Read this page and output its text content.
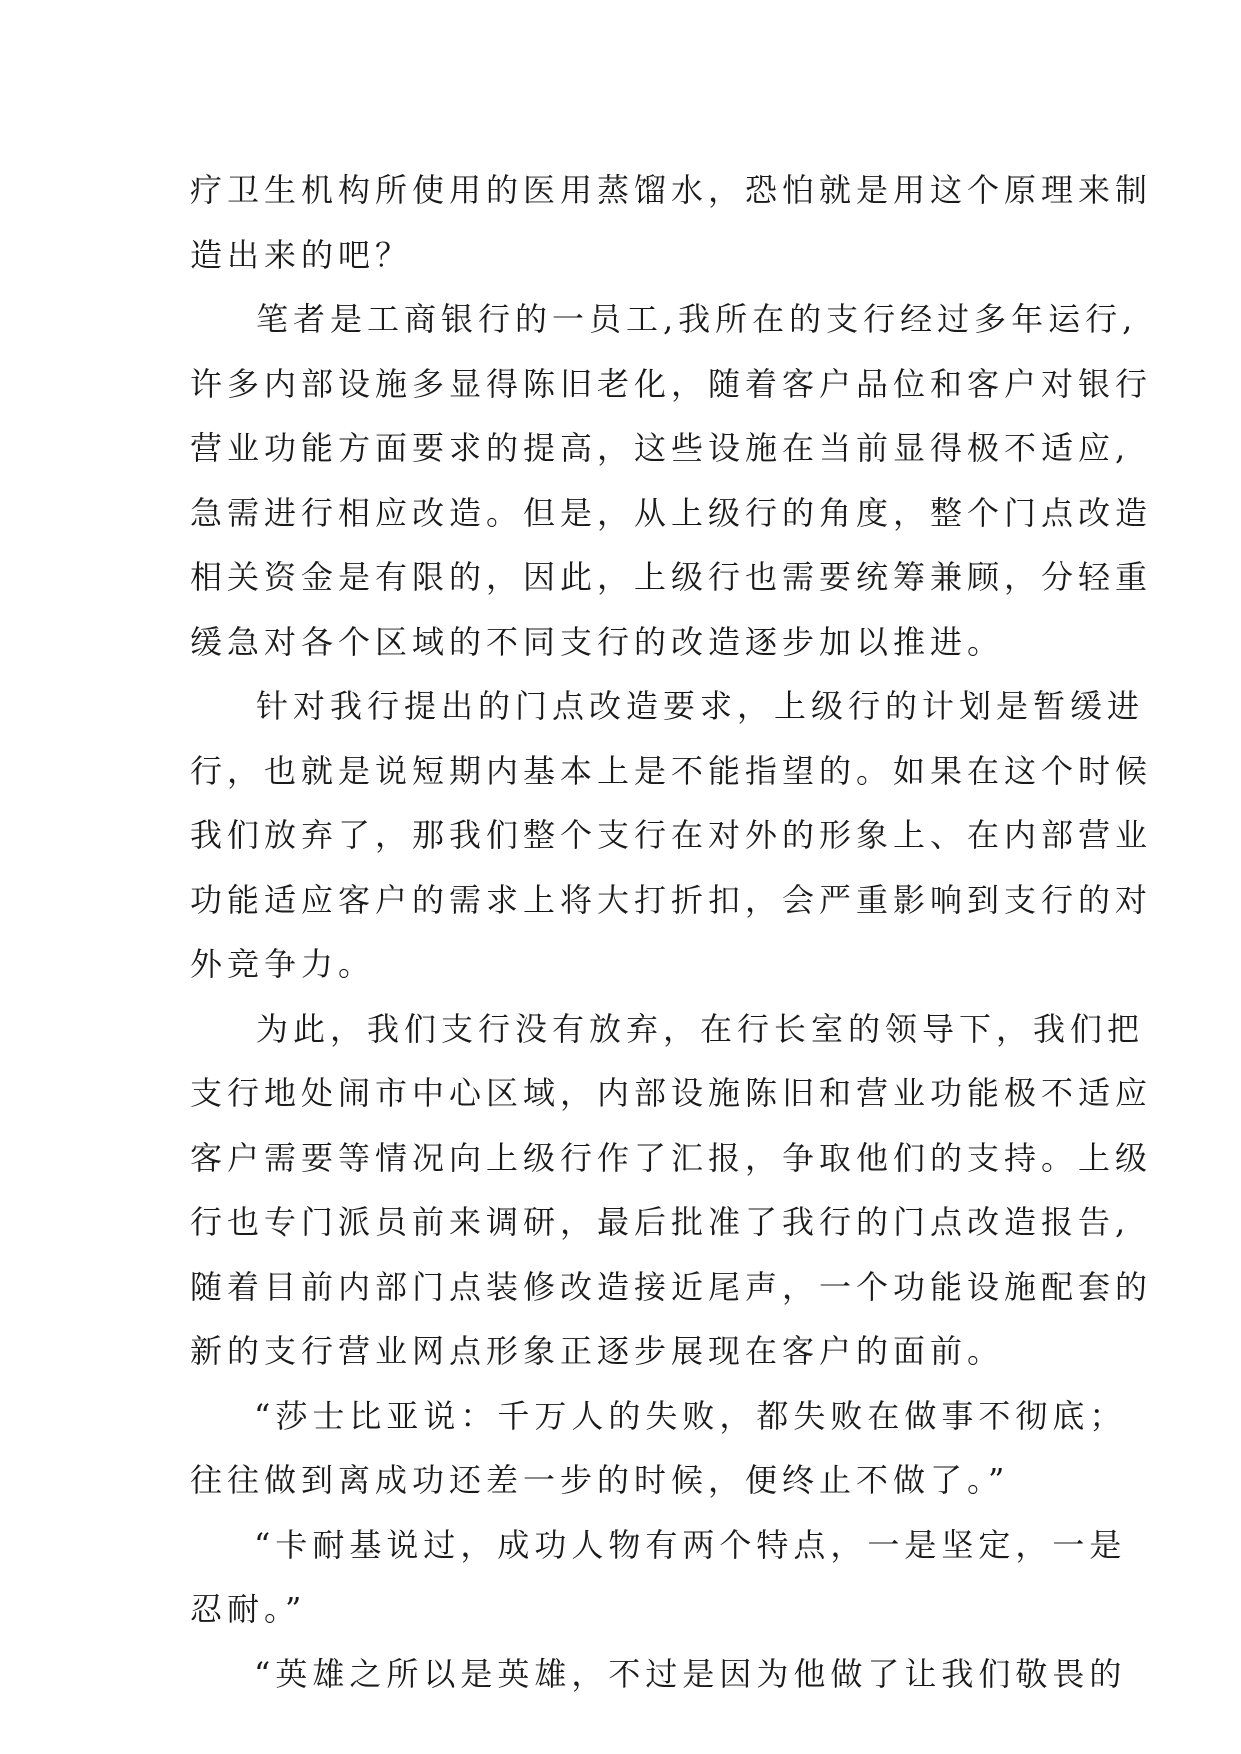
疗卫生机构所使用的医用蒸馏水，恐怕就是用这个原理来制
造出来的吧？
笔者是工商银行的一员工,我所在的支行经过多年运行,
许多内部设施多显得陈旧老化，随着客户品位和客户对银行
营业功能方面要求的提高，这些设施在当前显得极不适应,
急需进行相应改造。但是，从上级行的角度，整个门点改造
相关资金是有限的，因此，上级行也需要统筹兼顾，分轻重
缓急对各个区域的不同支行的改造逐步加以推进。
针对我行提出的门点改造要求，上级行的计划是暂缓进
行，也就是说短期内基本上是不能指望的。如果在这个时候
我们放弃了，那我们整个支行在对外的形象上、在内部营业
功能适应客户的需求上将大打折扣，会严重影响到支行的对
外竞争力。
为此，我们支行没有放弃，在行长室的领导下，我们把
支行地处闹市中心区域，内部设施陈旧和营业功能极不适应
客户需要等情况向上级行作了汇报，争取他们的支持。上级
行也专门派员前来调研，最后批准了我行的门点改造报告,
随着目前内部门点装修改造接近尾声，一个功能设施配套的
新的支行营业网点形象正逐步展现在客户的面前。
“莎士比亚说：千万人的失败，都失败在做事不彻底；
往往做到离成功还差一步的时候，便终止不做了。”
“卡耐基说过，成功人物有两个特点，一是坚定，一是
忍耐。”
“英雄之所以是英雄，不过是因为他做了让我们敬畏的
